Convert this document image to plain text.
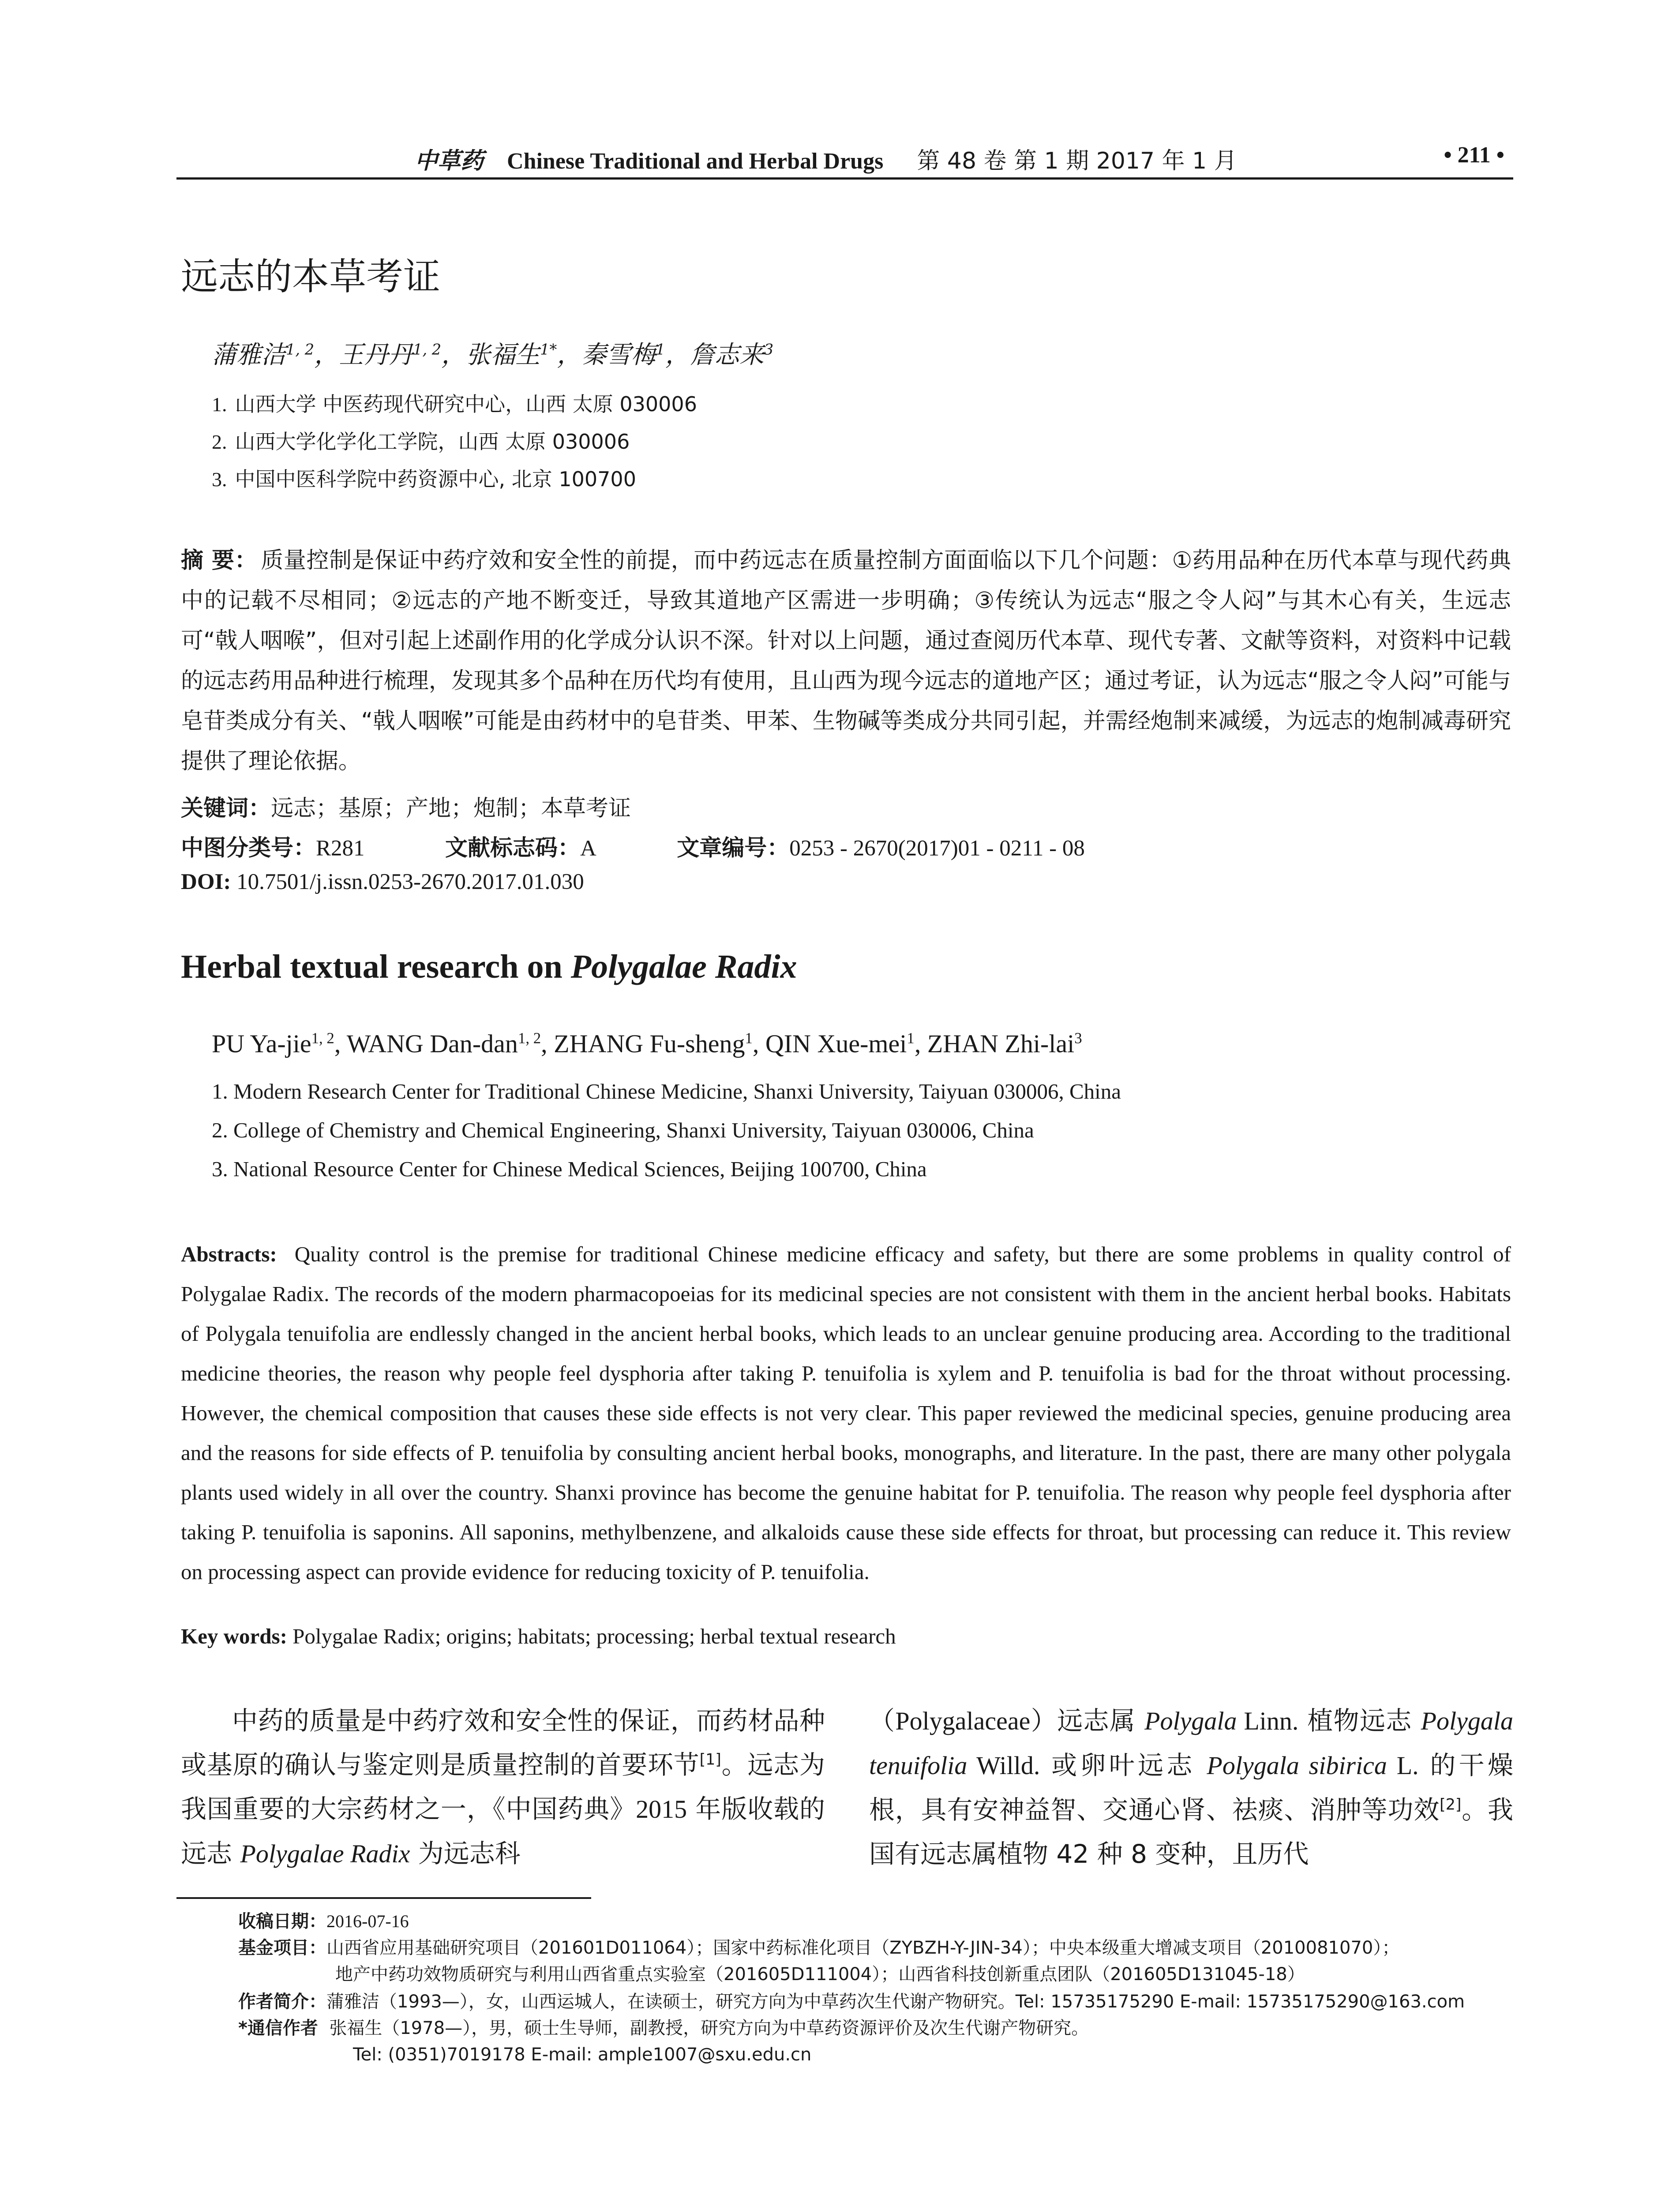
中草药 Chinese Traditional and Herbal Drugs 第 48 卷 第 1 期 2017 年 1 月	• 211 •
远志的本草考证
蒲雅洁$^{1, 2}$，王丹丹$^{1, 2}$，张福生$^{1*}$，秦雪梅$^1$，詹志来$^3$
1. 山西大学 中医药现代研究中心，山西 太原 030006
2. 山西大学化学化工学院，山西 太原 030006
3. 中国中医科学院中药资源中心, 北京 100700
摘 要： 质量控制是保证中药疗效和安全性的前提，而中药远志在质量控制方面面临以下几个问题：①药用品种在历代本草与现代药典中的记载不尽相同；②远志的产地不断变迁，导致其道地产区需进一步明确；③传统认为远志“服之令人闷”与其木心有关，生远志可“戟人咽喉”，但对引起上述副作用的化学成分认识不深。针对以上问题，通过查阅历代本草、现代专著、文献等资料，对资料中记载的远志药用品种进行梳理，发现其多个品种在历代均有使用，且山西为现今远志的道地产区；通过考证，认为远志“服之令人闷”可能与皂苷类成分有关、“戟人咽喉”可能是由药材中的皂苷类、甲苯、生物碱等类成分共同引起，并需经炮制来减缓，为远志的炮制减毒研究提供了理论依据。
关键词：远志；基原；产地；炮制；本草考证
中图分类号：R281	文献标志码：A	文章编号：0253 - 2670(2017)01 - 0211 - 08
DOI: 10.7501/j.issn.0253-2670.2017.01.030
Herbal textual research on Polygalae Radix
PU Ya-jie$^{1, 2}$, WANG Dan-dan$^{1, 2}$, ZHANG Fu-sheng$^1$, QIN Xue-mei$^1$, ZHAN Zhi-lai$^3$
1. Modern Research Center for Traditional Chinese Medicine, Shanxi University, Taiyuan 030006, China
2. College of Chemistry and Chemical Engineering, Shanxi University, Taiyuan 030006, China
3. National Resource Center for Chinese Medical Sciences, Beijing 100700, China
Abstracts: Quality control is the premise for traditional Chinese medicine efficacy and safety, but there are some problems in quality control of Polygalae Radix. The records of the modern pharmacopoeias for its medicinal species are not consistent with them in the ancient herbal books. Habitats of Polygala tenuifolia are endlessly changed in the ancient herbal books, which leads to an unclear genuine producing area. According to the traditional medicine theories, the reason why people feel dysphoria after taking P. tenuifolia is xylem and P. tenuifolia is bad for the throat without processing. However, the chemical composition that causes these side effects is not very clear. This paper reviewed the medicinal species, genuine producing area and the reasons for side effects of P. tenuifolia by consulting ancient herbal books, monographs, and literature. In the past, there are many other polygala plants used widely in all over the country. Shanxi province has become the genuine habitat for P. tenuifolia. The reason why people feel dysphoria after taking P. tenuifolia is saponins. All saponins, methylbenzene, and alkaloids cause these side effects for throat, but processing can reduce it. This review on processing aspect can provide evidence for reducing toxicity of P. tenuifolia.
Key words: Polygalae Radix; origins; habitats; processing; herbal textual research
中药的质量是中药疗效和安全性的保证，而药材品种或基原的确认与鉴定则是质量控制的首要环节[1]。远志为我国重要的大宗药材之一，《中国药典》2015 年版收载的远志 Polygalae Radix 为远志科
（Polygalaceae）远志属 Polygala Linn. 植物远志 Polygala tenuifolia Willd. 或卵叶远志 Polygala sibirica L. 的干燥根，具有安神益智、交通心肾、祛痰、消肿等功效[2]。我国有远志属植物 42 种 8 变种，且历代
收稿日期：2016-07-16
基金项目：山西省应用基础研究项目（201601D011064）；国家中药标准化项目（ZYBZH-Y-JIN-34）；中央本级重大增减支项目（2010081070）；
地产中药功效物质研究与利用山西省重点实验室（201605D111004）；山西省科技创新重点团队（201605D131045-18）
作者简介：蒲雅洁（1993—），女，山西运城人，在读硕士，研究方向为中草药次生代谢产物研究。Tel: 15735175290 E-mail: 15735175290@163.com
*通信作者 张福生（1978—），男，硕士生导师，副教授，研究方向为中草药资源评价及次生代谢产物研究。
Tel: (0351)7019178 E-mail: ample1007@sxu.edu.cn
